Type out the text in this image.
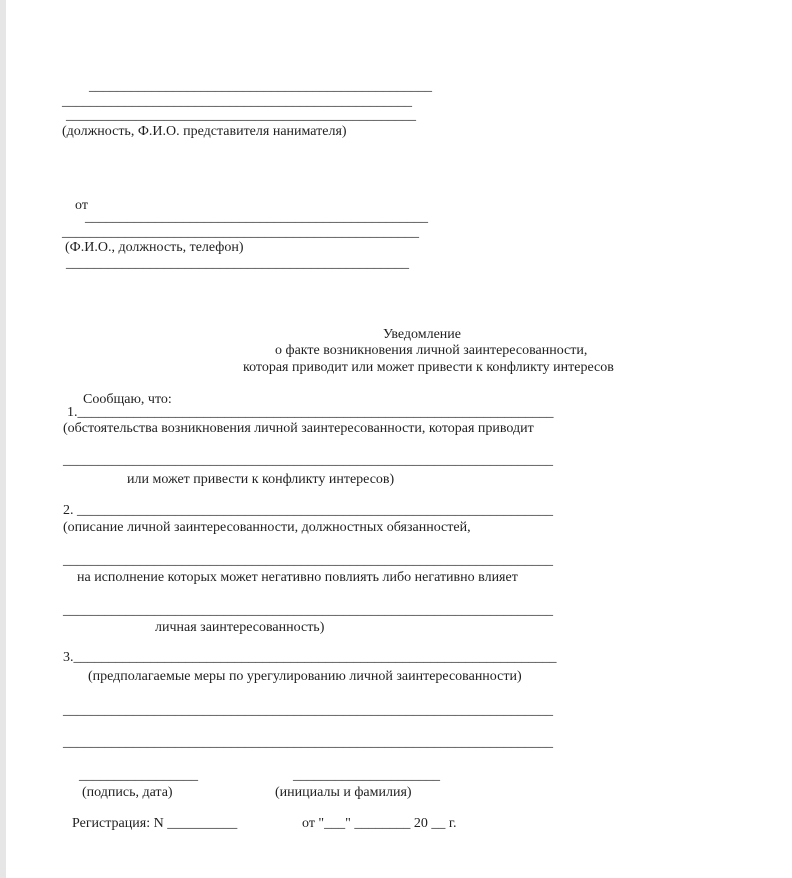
_________________________________________________
__________________________________________________
__________________________________________________
(должность, Ф.И.О. представителя нанимателя)
от
_________________________________________________
___________________________________________________
(Ф.И.О., должность, телефон)
_________________________________________________
Уведомление
о факте возникновения личной заинтересованности,
которая приводит или может привести к конфликту интересов
Сообщаю, что:
1.____________________________________________________________________
(обстоятельства возникновения личной заинтересованности, которая приводит
______________________________________________________________________
или может привести к конфликту интересов)
2. ____________________________________________________________________
(описание личной заинтересованности, должностных обязанностей,
______________________________________________________________________
на исполнение которых может негативно повлиять либо негативно влияет
______________________________________________________________________
личная заинтересованность)
3._____________________________________________________________________
(предполагаемые меры по урегулированию личной заинтересованности)
______________________________________________________________________
______________________________________________________________________
_________________	_____________________
(подпись, дата)	(инициалы и фамилия)
Регистрация: N __________	от "___" ________ 20 __ г.
